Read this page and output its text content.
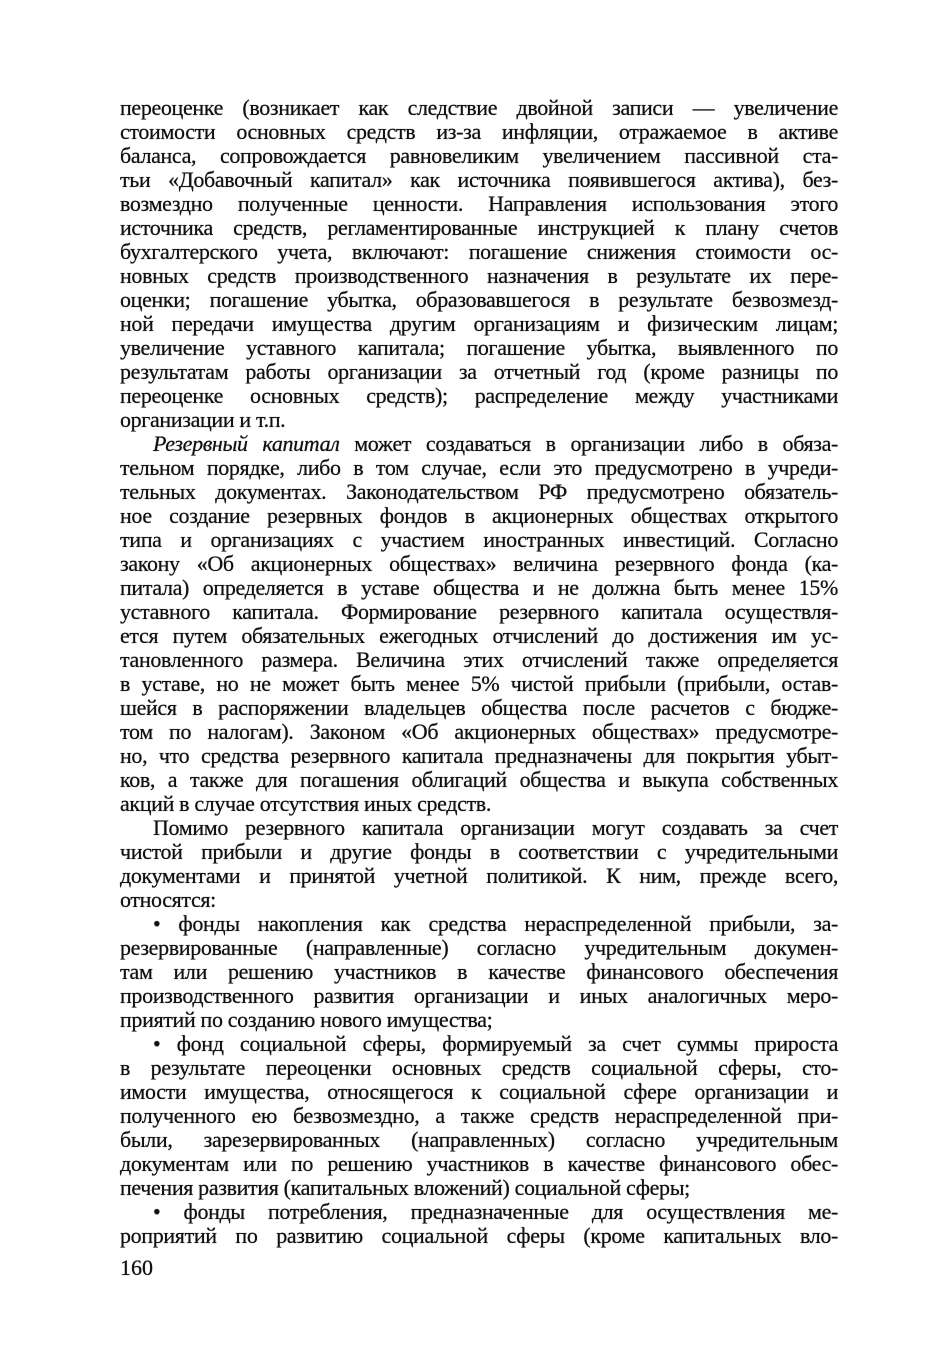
переоценке (возникает как следствие двойной записи — увеличение
стоимости основных средств из-за инфляции, отражаемое в активе
баланса, сопровождается равновеликим увеличением пассивной ста-
тьи «Добавочный капитал» как источника появившегося актива), без-
возмездно полученные ценности. Направления использования этого
источника средств, регламентированные инструкцией к плану счетов
бухгалтерского учета, включают: погашение снижения стоимости ос-
новных средств производственного назначения в результате их пере-
оценки; погашение убытка, образовавшегося в результате безвозмезд-
ной передачи имущества другим организациям и физическим лицам;
увеличение уставного капитала; погашение убытка, выявленного по
результатам работы организации за отчетный год (кроме разницы по
переоценке основных средств); распределение между участниками
организации и т.п.
Резервный капитал может создаваться в организации либо в обяза-
тельном порядке, либо в том случае, если это предусмотрено в учреди-
тельных документах. Законодательством РФ предусмотрено обязатель-
ное создание резервных фондов в акционерных обществах открытого
типа и организациях с участием иностранных инвестиций. Согласно
закону «Об акционерных обществах» величина резервного фонда (ка-
питала) определяется в уставе общества и не должна быть менее 15%
уставного капитала. Формирование резервного капитала осуществля-
ется путем обязательных ежегодных отчислений до достижения им ус-
тановленного размера. Величина этих отчислений также определяется
в уставе, но не может быть менее 5% чистой прибыли (прибыли, остав-
шейся в распоряжении владельцев общества после расчетов с бюдже-
том по налогам). Законом «Об акционерных обществах» предусмотре-
но, что средства резервного капитала предназначены для покрытия убыт-
ков, а также для погашения облигаций общества и выкупа собственных
акций в случае отсутствия иных средств.
Помимо резервного капитала организации могут создавать за счет
чистой прибыли и другие фонды в соответствии с учредительными
документами и принятой учетной политикой. К ним, прежде всего,
относятся:
• фонды накопления как средства нераспределенной прибыли, за-
резервированные (направленные) согласно учредительным докумен-
там или решению участников в качестве финансового обеспечения
производственного развития организации и иных аналогичных меро-
приятий по созданию нового имущества;
• фонд социальной сферы, формируемый за счет суммы прироста
в результате переоценки основных средств социальной сферы, сто-
имости имущества, относящегося к социальной сфере организации и
полученного ею безвозмездно, а также средств нераспределенной при-
были, зарезервированных (направленных) согласно учредительным
документам или по решению участников в качестве финансового обес-
печения развития (капитальных вложений) социальной сферы;
• фонды потребления, предназначенные для осуществления ме-
роприятий по развитию социальной сферы (кроме капитальных вло-
160
